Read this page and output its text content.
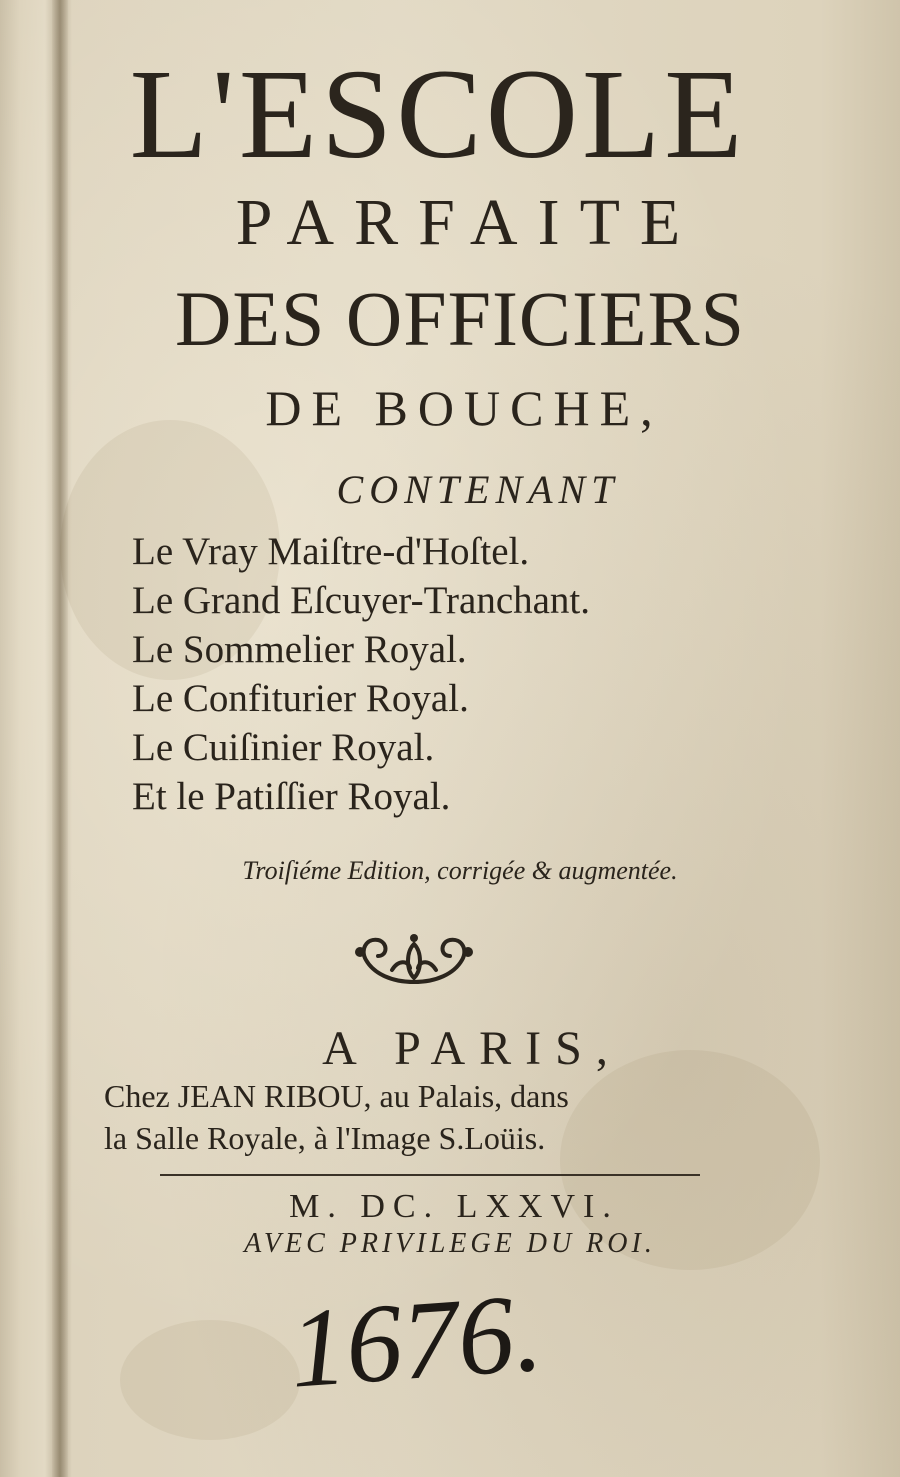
L'ESCOLE
PARFAITE
DES OFFICIERS
DE BOUCHE,
CONTENANT
Le Vray Maiſtre-d'Hoſtel.
Le Grand Eſcuyer-Tranchant.
Le Sommelier Royal.
Le Confiturier Royal.
Le Cuiſinier Royal.
Et le Patiſſier Royal.
Troiſiéme Edition, corrigée & augmentée.
A PARIS,
Chez JEAN RIBOU, au Palais, dans
la Salle Royale, à l'Image S.Loüis.
M. DC. LXXVI.
AVEC PRIVILEGE DU ROI.
1676.
